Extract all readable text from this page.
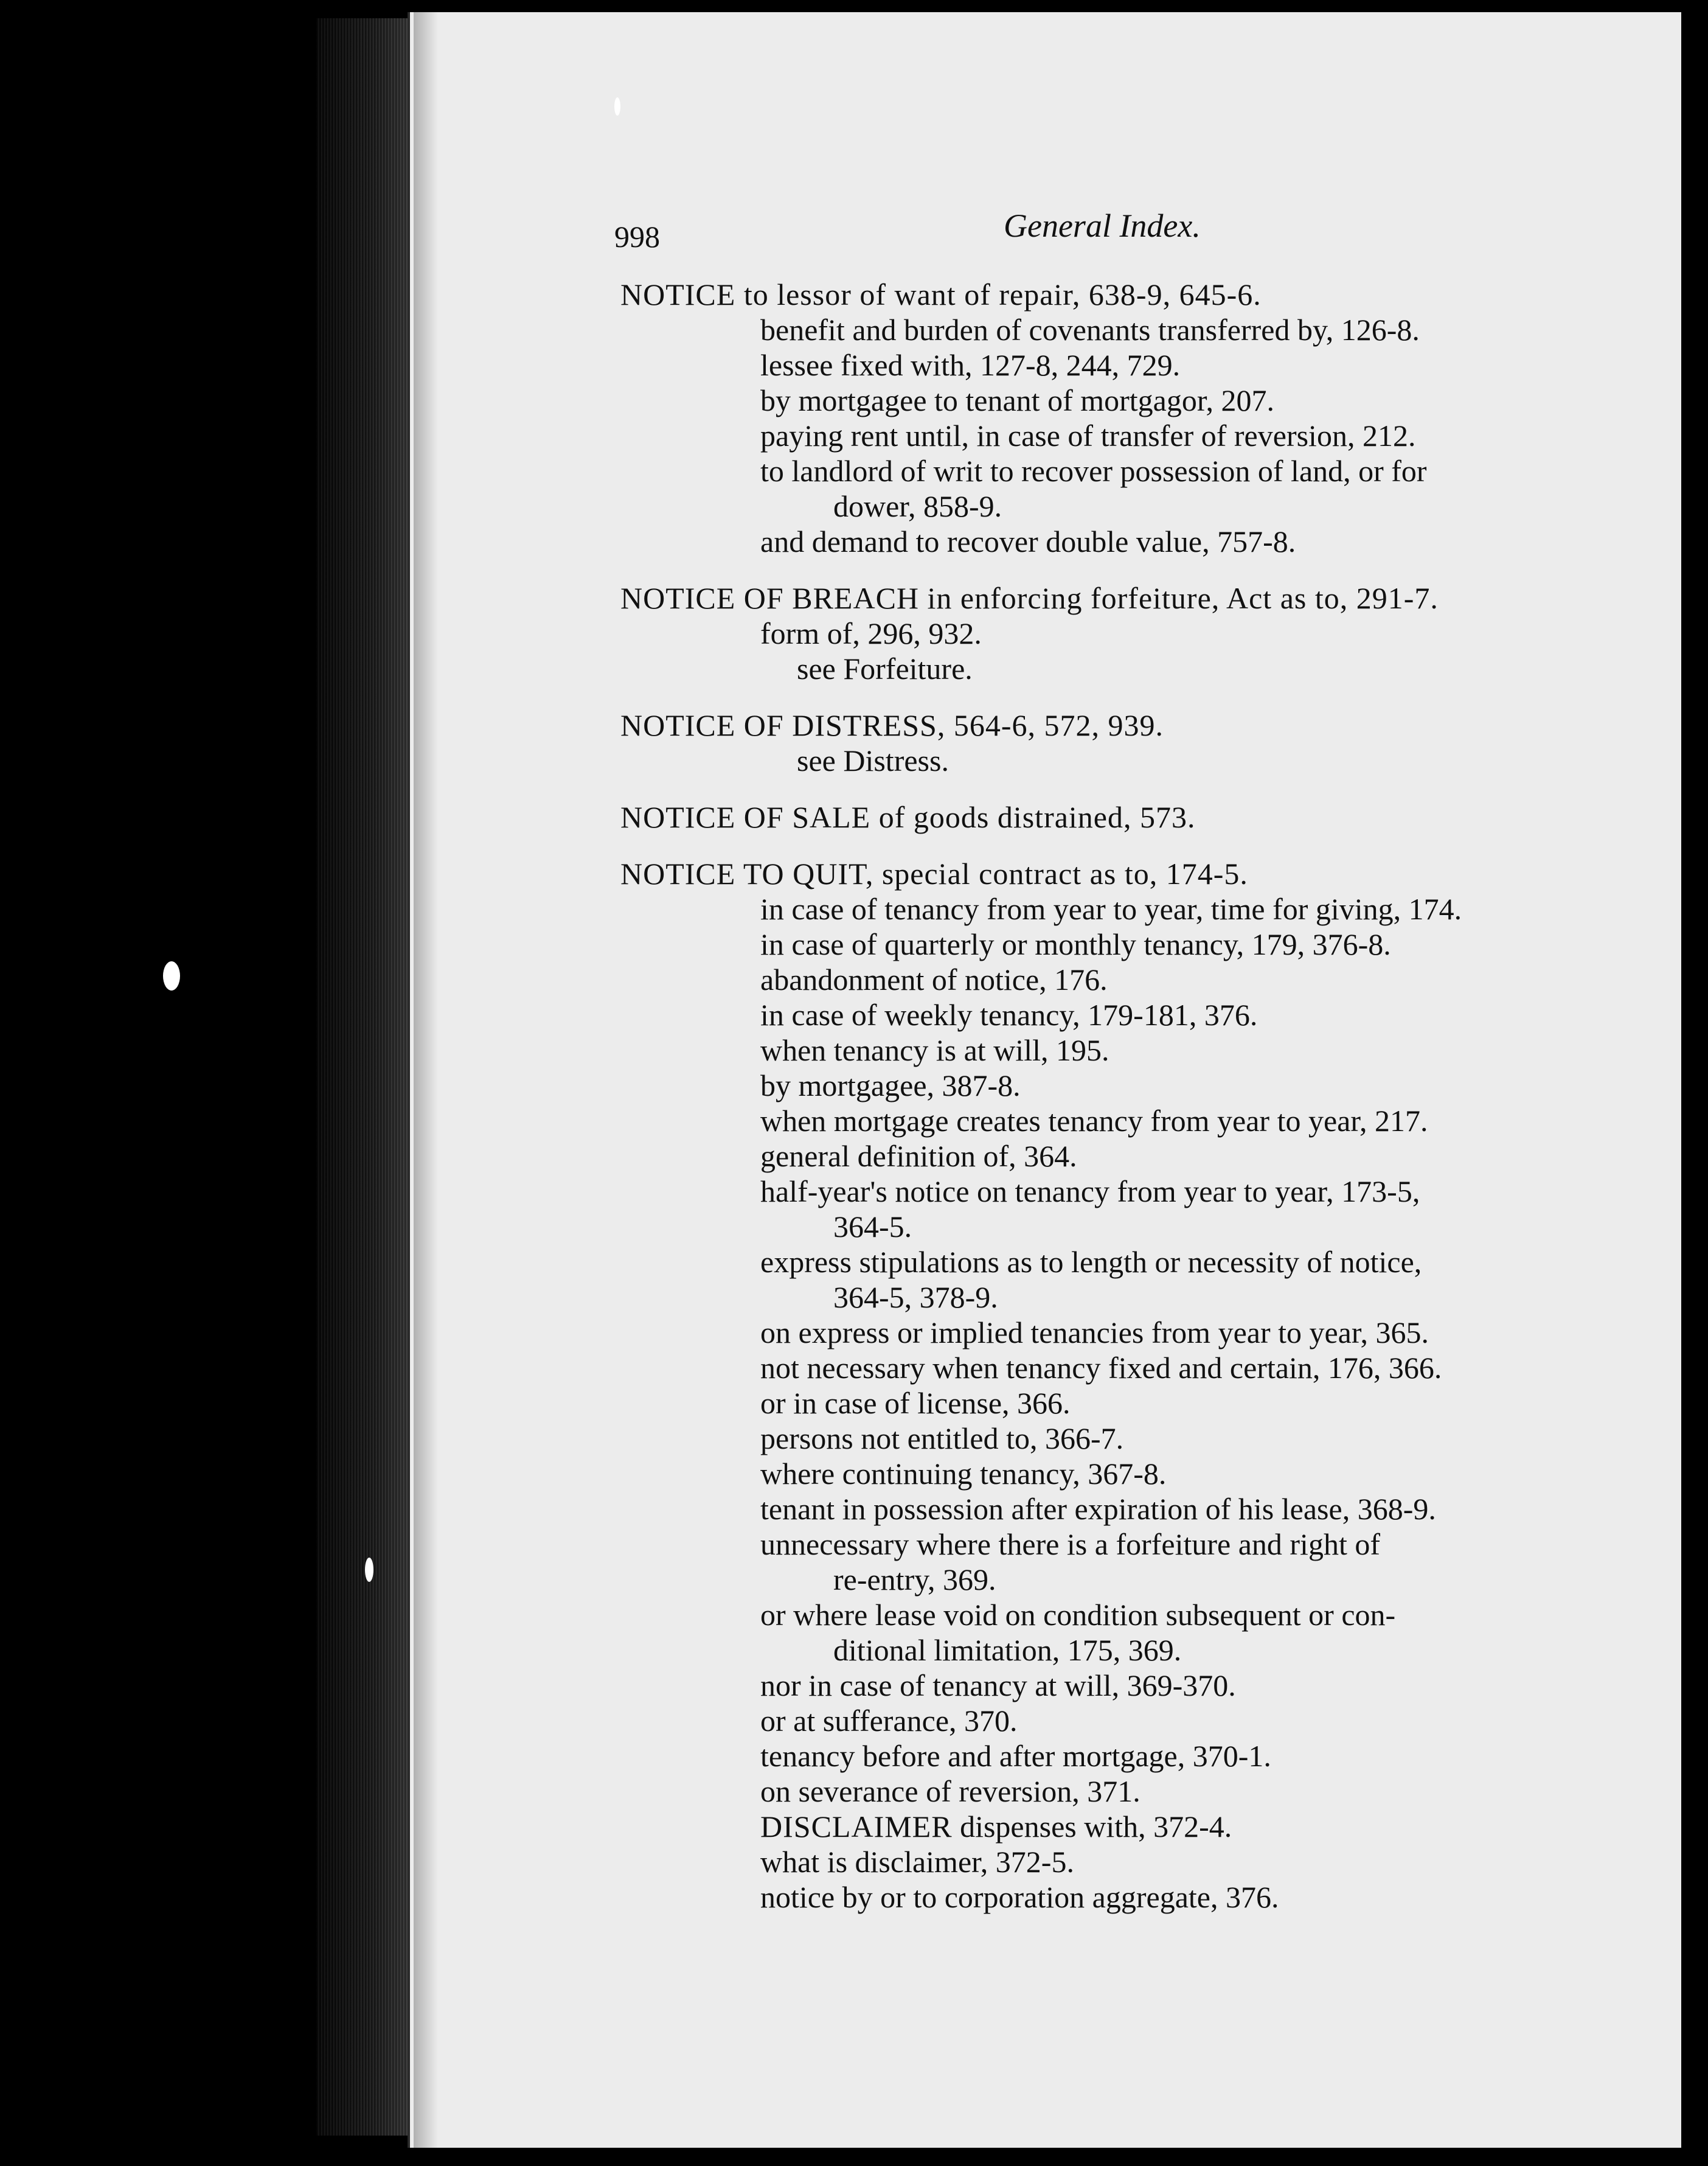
998	General Index.
NOTICE to lessor of want of repair, 638-9, 645-6.
benefit and burden of covenants transferred by, 126-8.
lessee fixed with, 127-8, 244, 729.
by mortgagee to tenant of mortgagor, 207.
paying rent until, in case of transfer of reversion, 212.
to landlord of writ to recover possession of land, or for
dower, 858-9.
and demand to recover double value, 757-8.
NOTICE OF BREACH in enforcing forfeiture, Act as to, 291-7.
form of, 296, 932.
see Forfeiture.
NOTICE OF DISTRESS, 564-6, 572, 939.
see Distress.
NOTICE OF SALE of goods distrained, 573.
NOTICE TO QUIT, special contract as to, 174-5.
in case of tenancy from year to year, time for giving, 174.
in case of quarterly or monthly tenancy, 179, 376-8.
abandonment of notice, 176.
in case of weekly tenancy, 179-181, 376.
when tenancy is at will, 195.
by mortgagee, 387-8.
when mortgage creates tenancy from year to year, 217.
general definition of, 364.
half-year's notice on tenancy from year to year, 173-5,
364-5.
express stipulations as to length or necessity of notice,
364-5, 378-9.
on express or implied tenancies from year to year, 365.
not necessary when tenancy fixed and certain, 176, 366.
or in case of license, 366.
persons not entitled to, 366-7.
where continuing tenancy, 367-8.
tenant in possession after expiration of his lease, 368-9.
unnecessary where there is a forfeiture and right of
re-entry, 369.
or where lease void on condition subsequent or con-
ditional limitation, 175, 369.
nor in case of tenancy at will, 369-370.
or at sufferance, 370.
tenancy before and after mortgage, 370-1.
on severance of reversion, 371.
DISCLAIMER dispenses with, 372-4.
what is disclaimer, 372-5.
notice by or to corporation aggregate, 376.
